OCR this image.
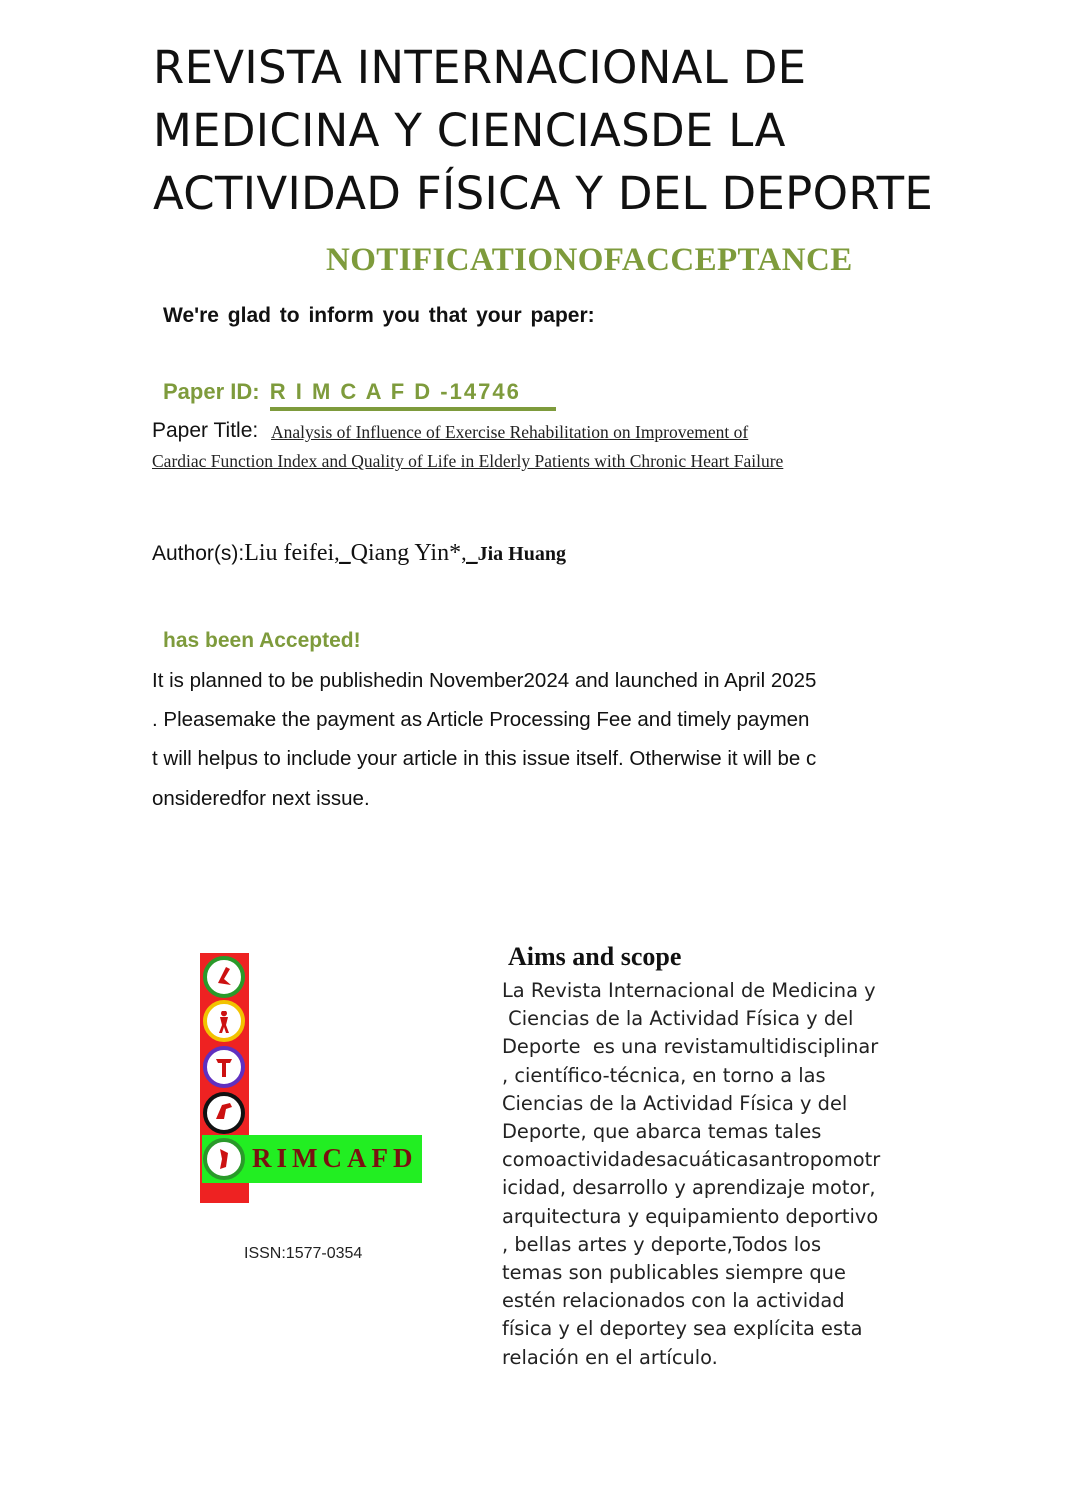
REVISTA INTERNACIONAL DE
MEDICINA Y CIENCIASDE LA
ACTIVIDAD FÍSICA Y DEL DEPORTE
NOTIFICATIONOFACCEPTANCE
We're glad to inform you that your paper:
Paper ID: R I M C A F D -14746
Paper Title: Analysis of Influence of Exercise Rehabilitation on Improvement of
Cardiac Function Index and Quality of Life in Elderly Patients with Chronic Heart Failure
Author(s):Liu feifei,_Qiang Yin*,_Jia Huang
has been Accepted!
It is planned to be publishedin November2024 and launched in April 2025
. Pleasemake the payment as Article Processing Fee and timely paymen
t will helpus to include your article in this issue itself. Otherwise it will be c
onsideredfor next issue.
RIMCAFD
ISSN:1577-0354
Aims and scope
La Revista Internacional de Medicina y
Ciencias de la Actividad Física y del
Deporte  es una revistamultidisciplinar
, científico-técnica, en torno a las
Ciencias de la Actividad Física y del
Deporte, que abarca temas tales
comoactividadesacuáticasantropomotr
icidad, desarrollo y aprendizaje motor,
arquitectura y equipamiento deportivo
, bellas artes y deporte,Todos los
temas son publicables siempre que
estén relacionados con la actividad
física y el deportey sea explícita esta
relación en el artículo.
